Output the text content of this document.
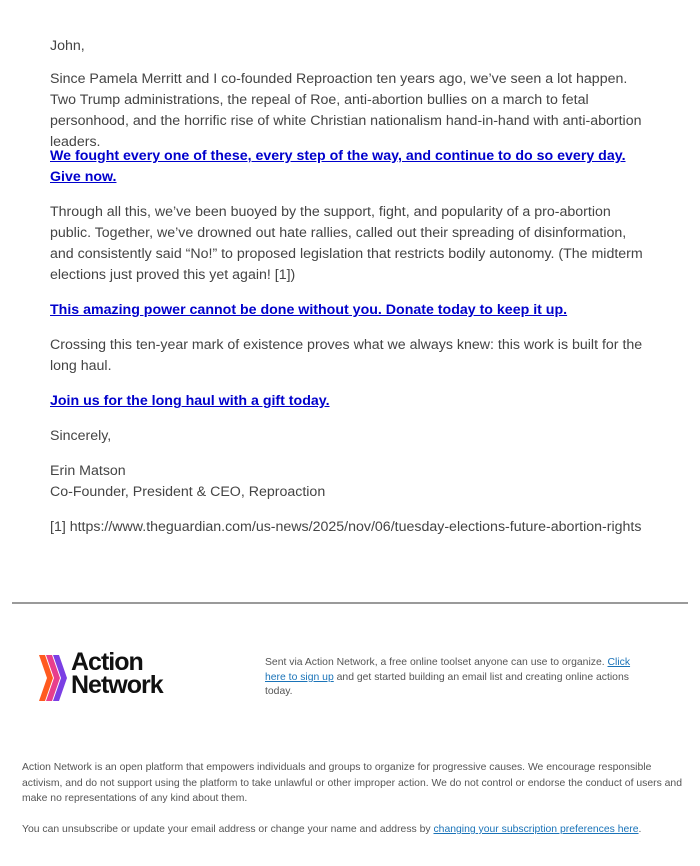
John,

Since Pamela Merritt and I co-founded Reproaction ten years ago, we’ve seen a lot happen. Two Trump administrations, the repeal of Roe, anti-abortion bullies on a march to fetal personhood, and the horrific rise of white Christian nationalism hand-in-hand with anti-abortion leaders.

We fought every one of these, every step of the way, and continue to do so every day. Give now.

Through all this, we’ve been buoyed by the support, fight, and popularity of a pro-abortion public. Together, we’ve drowned out hate rallies, called out their spreading of disinformation, and consistently said “No!” to proposed legislation that restricts bodily autonomy. (The midterm elections just proved this yet again! [1])

This amazing power cannot be done without you. Donate today to keep it up.

Crossing this ten-year mark of existence proves what we always knew: this work is built for the long haul.

Join us for the long haul with a gift today.

Sincerely,

Erin Matson

Co-Founder, President & CEO, Reproaction

[1] https://www.theguardian.com/us-news/2025/nov/06/tuesday-elections-future-abortion-rights

Action
Network
Sent via Action Network, a free online toolset anyone can use to organize. Click here to sign up and get started building an email list and creating online actions today.

Action Network is an open platform that empowers individuals and groups to organize for progressive causes. We encourage responsible activism, and do not support using the platform to take unlawful or other improper action. We do not control or endorse the conduct of users and make no representations of any kind about them.

You can unsubscribe or update your email address or change your name and address by changing your subscription preferences here.
